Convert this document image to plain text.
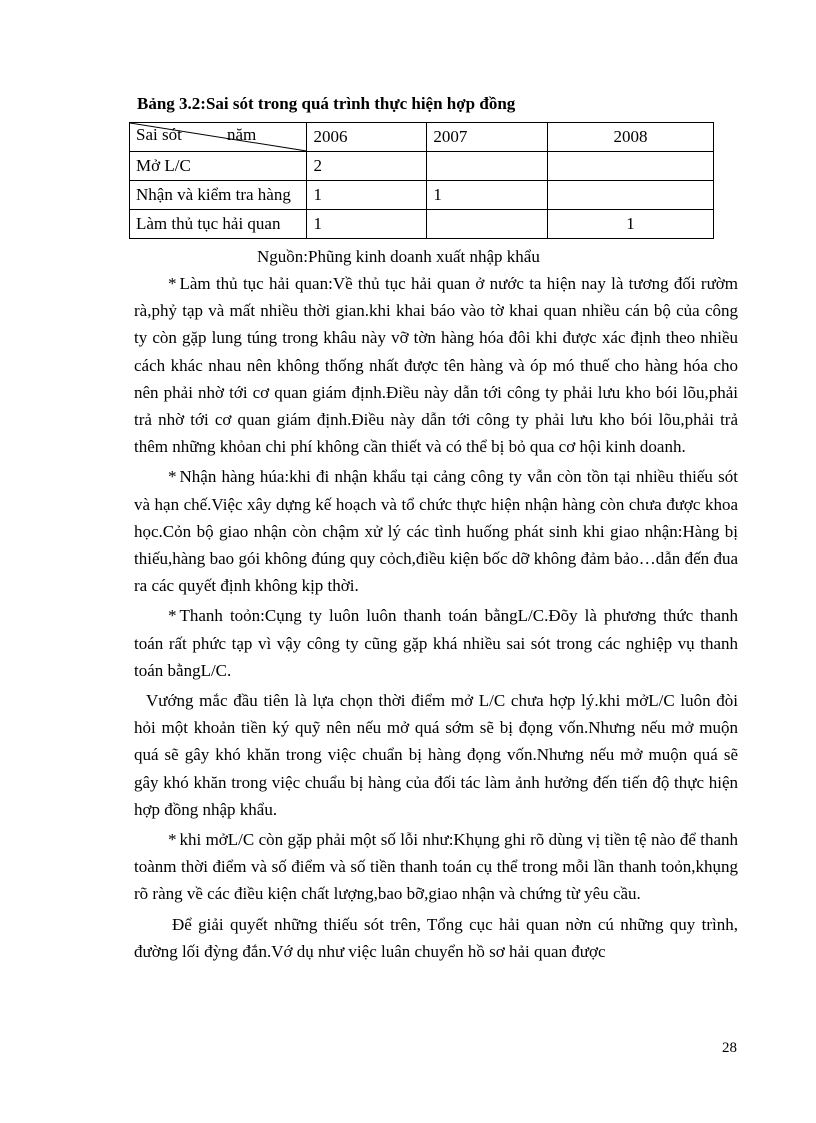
Bảng 3.2:Sai sót trong quá trình thực hiện hợp đồng

Sai sót năm	2006	2007	2008
Mở L/C	2		
Nhận và kiểm tra hàng	1	1	
Làm thủ tục hải quan	1		1

Nguồn:Phũng kinh doanh xuất nhập khẩu

* Làm thủ tục hải quan:Về thủ tục hải quan ở nước ta hiện nay là tương đối rườm rà,phỷ tạp và mất nhiều thời gian.khi khai báo vào tờ khai quan nhiều cán bộ của công ty còn gặp lung túng trong khâu này vỡ tờn hàng hóa đôi khi được xác định theo nhiều cách khác nhau nên không thống nhất được tên hàng và óp mó thuế cho hàng hóa cho nên phải nhờ tới cơ quan giám định.Điều này dẫn tới công ty phải lưu kho bói lõu,phải trả nhờ tới cơ quan giám định.Điều này dẫn tới công ty phải lưu kho bói lõu,phải trả thêm những khỏan chi phí không cần thiết và có thể bị bỏ qua cơ hội kinh doanh.

* Nhận hàng húa:khi đi nhận khẩu tại cảng công ty vẫn còn tồn tại nhiều thiếu sót và hạn chế.Việc xây dựng kế hoạch và tổ chức thực hiện nhận hàng còn chưa được khoa học.Cỏn bộ giao nhận còn chậm xử lý các tình huống phát sinh khi giao nhận:Hàng bị thiếu,hàng bao gói không đúng quy cỏch,điều kiện bốc dỡ không đảm bảo…dẫn đến đua ra các quyết định không kịp thời.

* Thanh toỏn:Cụng ty luôn luôn thanh toán bằngL/C.Đõy là phương thức thanh toán rất phức tạp vì vậy công ty cũng gặp khá nhiều sai sót trong các nghiệp vụ thanh toán bằngL/C.

Vướng mắc đầu tiên là lựa chọn thời điểm mở L/C chưa hợp lý.khi mởL/C luôn đòi hỏi một khoản tiền ký quỹ nên nếu mở quá sớm sẽ bị đọng vốn.Nhưng nếu mở muộn quá sẽ gây khó khăn trong việc chuẩn bị hàng đọng vốn.Nhưng nếu mở muộn quá sẽ gây khó khăn trong việc chuẩu bị hàng của đối tác làm ảnh hưởng đến tiến độ thực hiện hợp đồng nhập khẩu.

* khi mởL/C còn gặp phải một số lỗi như:Khụng ghi rõ dùng vị tiền tệ nào để thanh toànm thời điểm và số điểm và số tiền thanh toán cụ thể trong mỗi lần thanh toỏn,khụng rõ ràng về các điều kiện chất lượng,bao bỡ,giao nhận và chứng từ yêu cầu.

Để giải quyết những thiếu sót trên, Tổng cục hải quan nờn cú những quy trình, đường lối đỳng đắn.Vớ dụ như việc luân chuyển hồ sơ hải quan được

28
